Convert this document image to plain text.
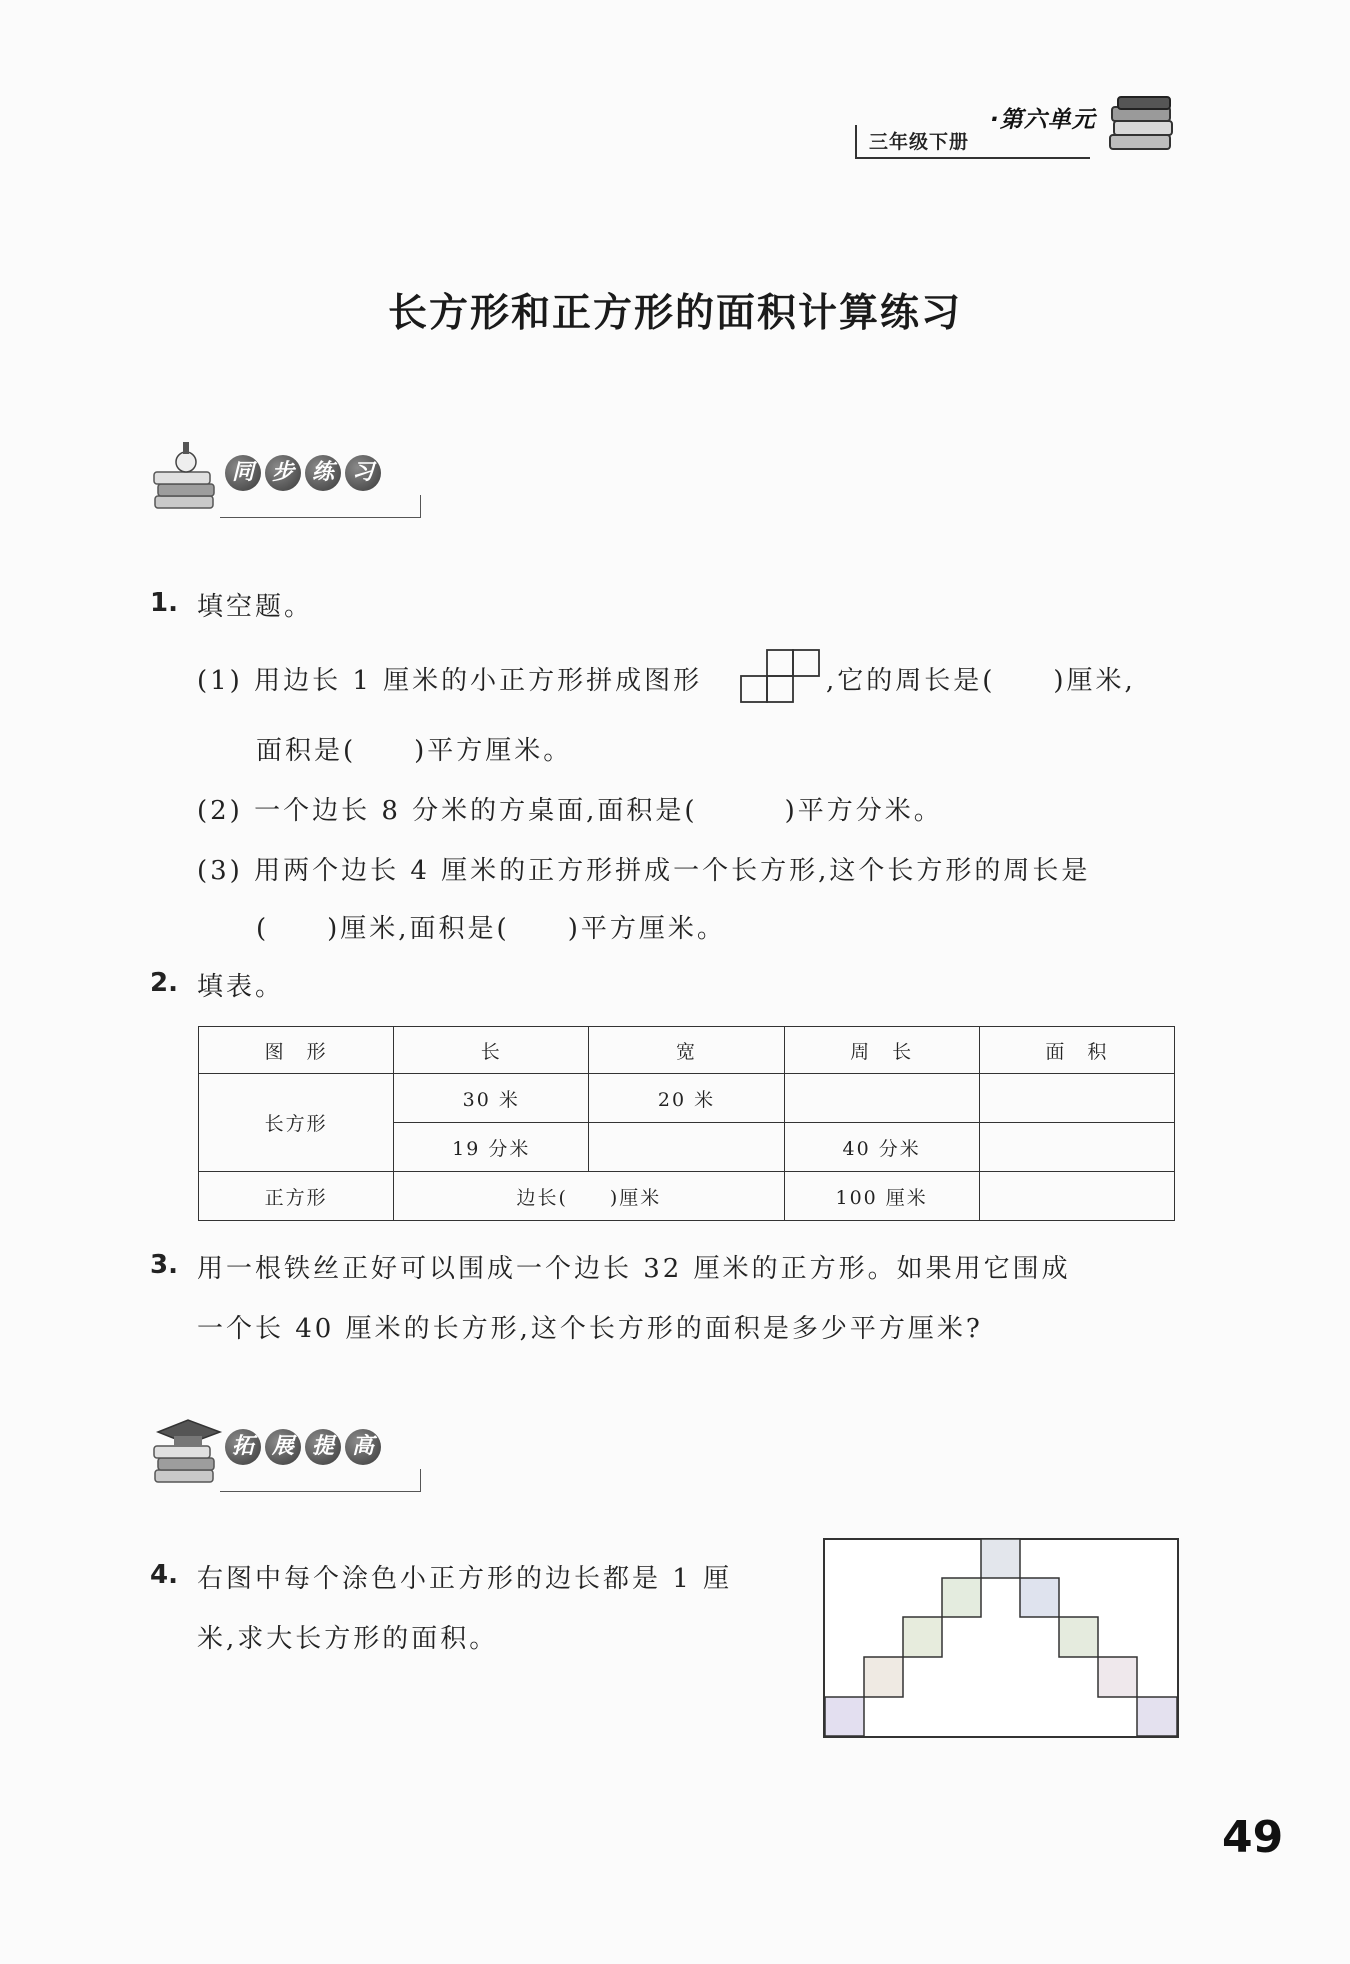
三年级下册
·第六单元
长方形和正方形的面积计算练习
同 步 练 习
1. 填空题。
(1) 用边长 1 厘米的小正方形拼成图形	,它的周长是(　　)厘米,
面积是(　　)平方厘米。
(2) 一个边长 8 分米的方桌面,面积是(　　　)平方分米。
(3) 用两个边长 4 厘米的正方形拼成一个长方形,这个长方形的周长是
(　　)厘米,面积是(　　)平方厘米。
2. 填表。
图　形	长	宽	周　长	面　积
长方形	30 米	20 米		
	19 分米		40 分米	
正方形	边长(　　)厘米		100 厘米	
3. 用一根铁丝正好可以围成一个边长 32 厘米的正方形。如果用它围成
一个长 40 厘米的长方形,这个长方形的面积是多少平方厘米?
拓 展 提 高
4. 右图中每个涂色小正方形的边长都是 1 厘
米,求大长方形的面积。
49
